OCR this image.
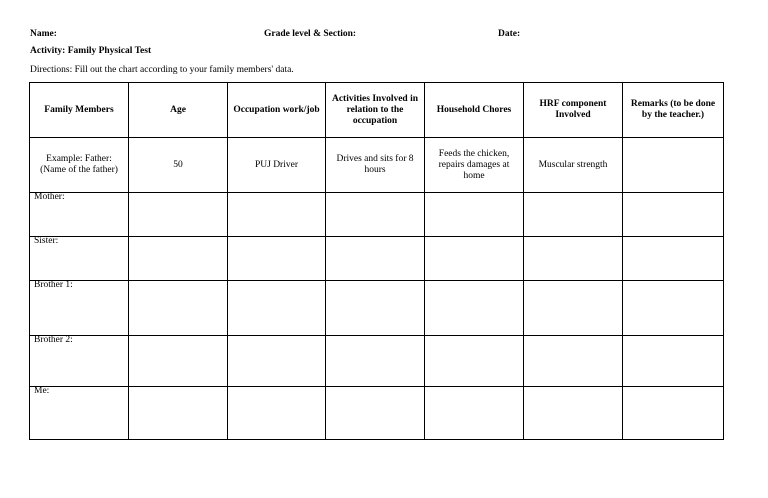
Name:	Grade level & Section:	Date:
Activity: Family Physical Test
Directions: Fill out the chart according to your family members' data.
Family Members	Age	Occupation work/job	Activities Involved in relation to the occupation	Household Chores	HRF component Involved	Remarks (to be done by the teacher.)
Example: Father: (Name of the father)	50	PUJ Driver	Drives and sits for 8 hours	Feeds the chicken, repairs damages at home	Muscular strength	

Mother:						

Sister:						

Brother 1:						

Brother 2:						

Me:						
